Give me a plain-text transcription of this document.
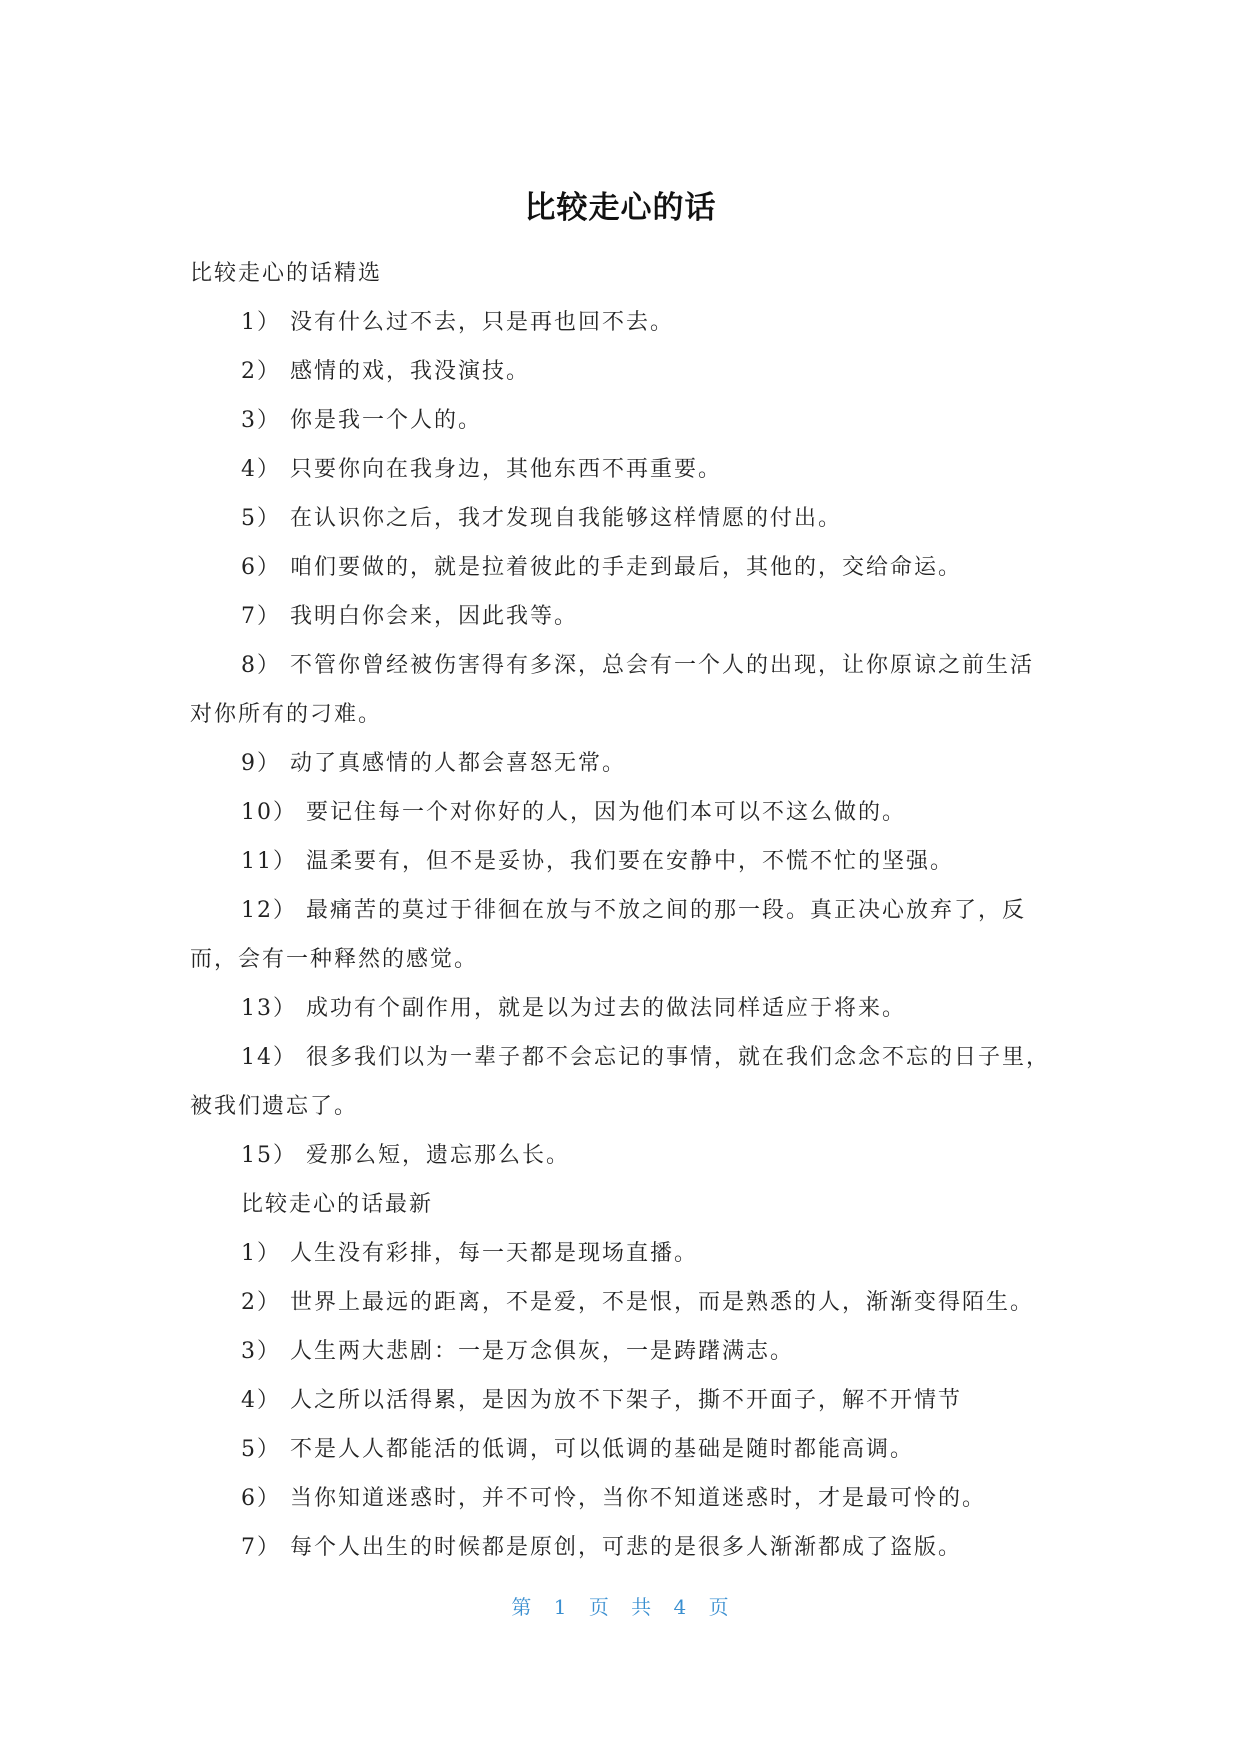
比较走心的话

比较走心的话精选

1） 没有什么过不去，只是再也回不去。

2） 感情的戏，我没演技。

3） 你是我一个人的。

4） 只要你向在我身边，其他东西不再重要。

5） 在认识你之后，我才发现自我能够这样情愿的付出。

6） 咱们要做的，就是拉着彼此的手走到最后，其他的，交给命运。

7） 我明白你会来，因此我等。

8） 不管你曾经被伤害得有多深，总会有一个人的出现，让你原谅之前生活对你所有的刁难。

9） 动了真感情的人都会喜怒无常。

10） 要记住每一个对你好的人，因为他们本可以不这么做的。

11） 温柔要有，但不是妥协，我们要在安静中，不慌不忙的坚强。

12） 最痛苦的莫过于徘徊在放与不放之间的那一段。真正决心放弃了，反而，会有一种释然的感觉。

13） 成功有个副作用，就是以为过去的做法同样适应于将来。

14） 很多我们以为一辈子都不会忘记的事情，就在我们念念不忘的日子里，被我们遗忘了。

15） 爱那么短，遗忘那么长。

比较走心的话最新

1） 人生没有彩排，每一天都是现场直播。

2） 世界上最远的距离，不是爱，不是恨，而是熟悉的人，渐渐变得陌生。

3） 人生两大悲剧：一是万念俱灰，一是踌躇满志。

4） 人之所以活得累，是因为放不下架子，撕不开面子，解不开情节

5） 不是人人都能活的低调，可以低调的基础是随时都能高调。

6） 当你知道迷惑时，并不可怜，当你不知道迷惑时，才是最可怜的。

7） 每个人出生的时候都是原创，可悲的是很多人渐渐都成了盗版。

第 1 页 共 4 页
